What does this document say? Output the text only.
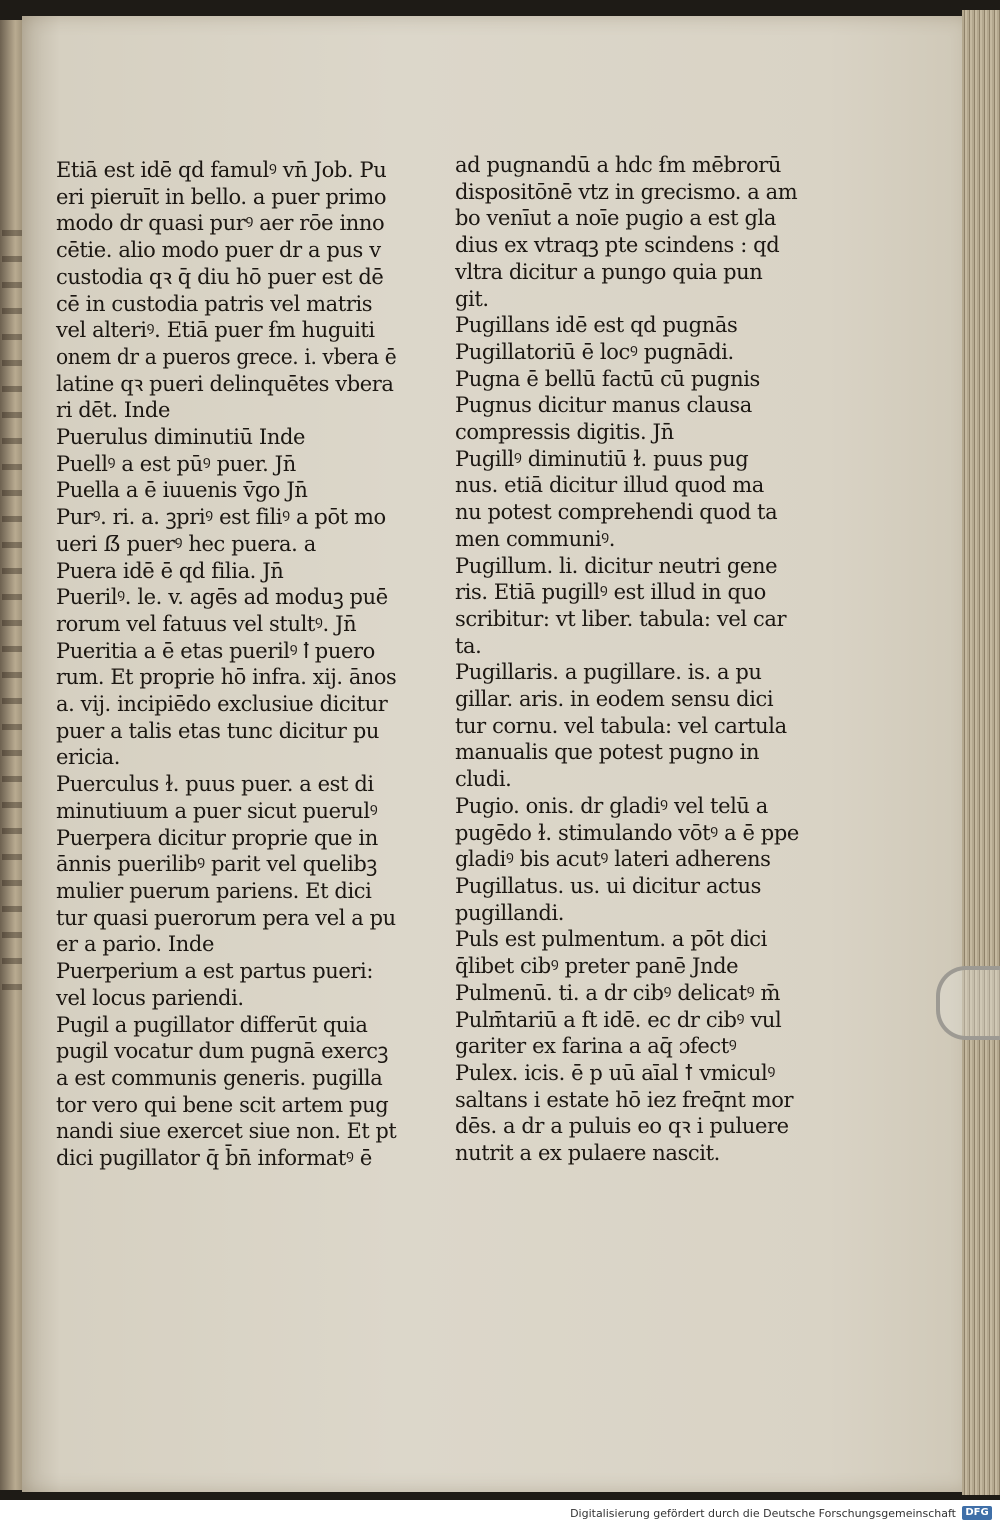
Etiā est idē qd famulꝰ vn̄ Job. Pu
eri pieruīt in bello. a puer primo
modo dr quasi purꝰ aer rōe inno
cētie. alio modo puer dr a pus v
custodia qꝛ q̄ diu hō puer est dē
cē in custodia patris vel matris
vel alteriꝰ. Etiā puer ẜm huguiti
onem dr a pueros grece. i. vbera ē
latine qꝛ pueri delinquētes vbera
ri dēt. Inde
Puerulus diminutiū Inde
Puellꝰ a est pūꝰ puer. Jn̄
Puella a ē iuuenis v̄go Jn̄
Purꝰ. ri. a. ꝫpriꝰ est filiꝰ a pōt mo
ueri ẞ puerꝰ hec puera. a
Puera idē ē qd filia. Jn̄
Puerilꝰ. le. v. agēs ad moduꝫ puē
rorum vel fatuus vel stultꝰ. Jn̄
Pueritia a ē etas puerilꝰ ꝉ puero
rum. Et proprie hō infra. xij. ānos
a. vij. incipiēdo exclusiue dicitur
puer a talis etas tunc dicitur pu
ericia.
Puerculus ɫ. puus puer. a est di
minutiuum a puer sicut puerulꝰ
Puerpera dicitur proprie que in
ānnis puerilibꝰ parit vel quelibꝫ
mulier puerum pariens. Et dici
tur quasi puerorum pera vel a pu
er a pario. Inde
Puerperium a est partus pueri:
vel locus pariendi.
Pugil a pugillator differūt quia
pugil vocatur dum pugnā exercꝫ
a est communis generis. pugilla
tor vero qui bene scit artem pug
nandi siue exercet siue non. Et pt
dici pugillator q̄ b̄n̄ informatꝰ ē
ad pugnandū a hdc ẜm mēbrorū
dispositōnē vtz in grecismo. a am
bo venīut a noīe pugio a est gla
dius ex vtraqꝫ pte scindens : qd
vltra dicitur a pungo quia pun
git.
Pugillans idē est qd pugnās
Pugillatoriū ē locꝰ pugnādi.
Pugna ē bellū factū cū pugnis
Pugnus dicitur manus clausa
compressis digitis. Jn̄
Pugillꝰ diminutiū ɫ. puus pug
nus. etiā dicitur illud quod ma
nu potest comprehendi quod ta
men communiꝰ.
Pugillum. li. dicitur neutri gene
ris. Etiā pugillꝰ est illud in quo
scribitur: vt liber. tabula: vel car
ta.
Pugillaris. a pugillare. is. a pu
gillar. aris. in eodem sensu dici
tur cornu. vel tabula: vel cartula
manualis que potest pugno in
cludi.
Pugio. onis. dr gladiꝰ vel telū a
pugēdo ɫ. stimulando vōtꝰ a ē ppe
gladiꝰ bis acutꝰ lateri adherens
Pugillatus. us. ui dicitur actus
pugillandi.
Puls est pulmentum. a pōt dici
q̄libet cibꝰ preter panē Jnde
Pulmenū. ti. a dr cibꝰ delicatꝰ m̄
Pulm̄tariū a ft idē. ec dr cibꝰ vul
gariter ex farina a aq̄ ɔfectꝰ
Pulex. icis. ē p uū aīal ꝉ vmiculꝰ
saltans i estate hō iez freq̄nt mor
dēs. a dr a puluis eo qꝛ i puluere
nutrit a ex pulaere nascit.
Digitalisierung gefördert durch die Deutsche Forschungsgemeinschaft DFG
